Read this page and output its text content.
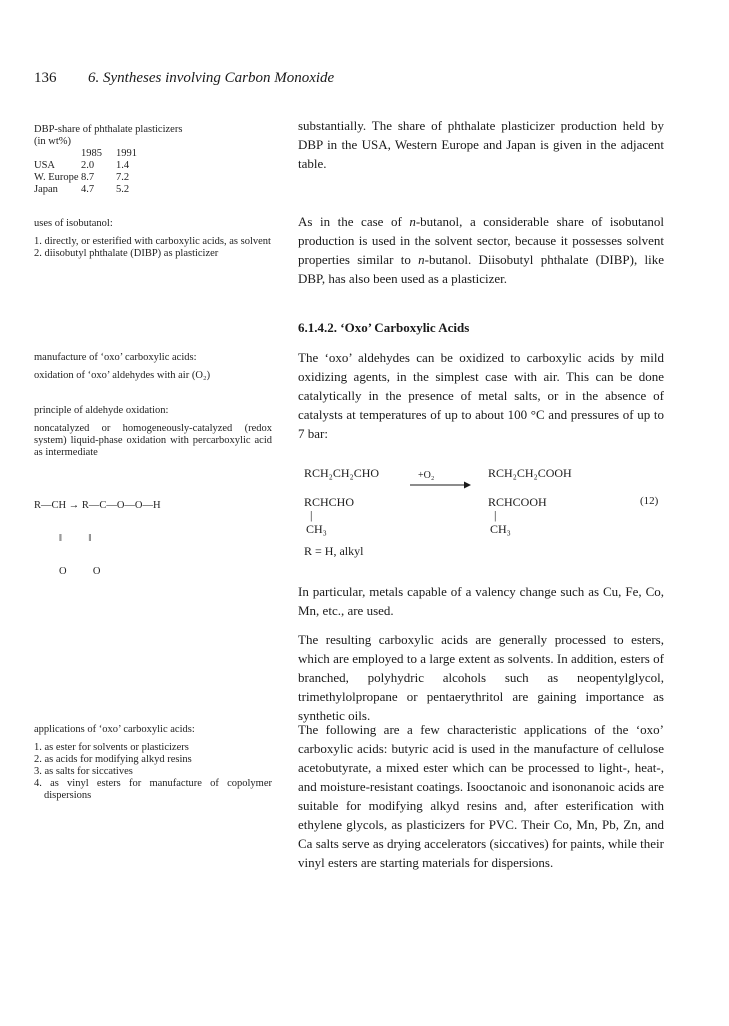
136 6. Syntheses involving Carbon Monoxide
DBP-share of phthalate plasticizers
(in wt%)
	1985	1991
USA	2.0	1.4
W. Europe	8.7	7.2
Japan	4.7	5.2
uses of isobutanol:
1. directly, or esterified with carboxylic acids, as solvent
2. diisobutyl phthalate (DIBP) as plasticizer
manufacture of ‘oxo’ carboxylic acids:
oxidation of ‘oxo’ aldehydes with air (O₂)
principle of aldehyde oxidation:
noncatalyzed or homogeneously-catalyzed (redox system) liquid-phase oxidation with percarboxylic acid as intermediate

R—CH → R—C—O—O—H

‖          ‖

O          O

applications of ‘oxo’ carboxylic acids:
1. as ester for solvents or plasticizers
2. as acids for modifying alkyd resins
3. as salts for siccatives
4. as vinyl esters for manufacture of copolymer dispersions
substantially. The share of phthalate plasticizer production held by DBP in the USA, Western Europe and Japan is given in the adjacent table.
As in the case of n-butanol, a considerable share of isobutanol production is used in the solvent sector, because it possesses solvent properties similar to n-butanol. Diisobutyl phthalate (DIBP), like DBP, has also been used as a plasticizer.
6.1.4.2. ‘Oxo’ Carboxylic Acids
The ‘oxo’ aldehydes can be oxidized to carboxylic acids by mild oxidizing agents, in the simplest case with air. This can be done catalytically in the presence of metal salts, or in the absence of catalysts at temperatures of up to about 100 °C and pressures of up to 7 bar:
RCH₂CH₂CHO	+O₂	RCH₂CH₂COOH
RCHCHO	RCHCOOH	(12)
|	|
CH₃	CH₃
R = H, alkyl
In particular, metals capable of a valency change such as Cu, Fe, Co, Mn, etc., are used.
The resulting carboxylic acids are generally processed to esters, which are employed to a large extent as solvents. In addition, esters of branched, polyhydric alcohols such as neopentylglycol, trimethylolpropane or pentaerythritol are gaining importance as synthetic oils.
The following are a few characteristic applications of the ‘oxo’ carboxylic acids: butyric acid is used in the manufacture of cellulose acetobutyrate, a mixed ester which can be processed to light-, heat-, and moisture-resistant coatings. Isooctanoic and isononanoic acids are suitable for modifying alkyd resins and, after esterification with ethylene glycols, as plasticizers for PVC. Their Co, Mn, Pb, Zn, and Ca salts serve as drying accelerators (siccatives) for paints, while their vinyl esters are starting materials for dispersions.
